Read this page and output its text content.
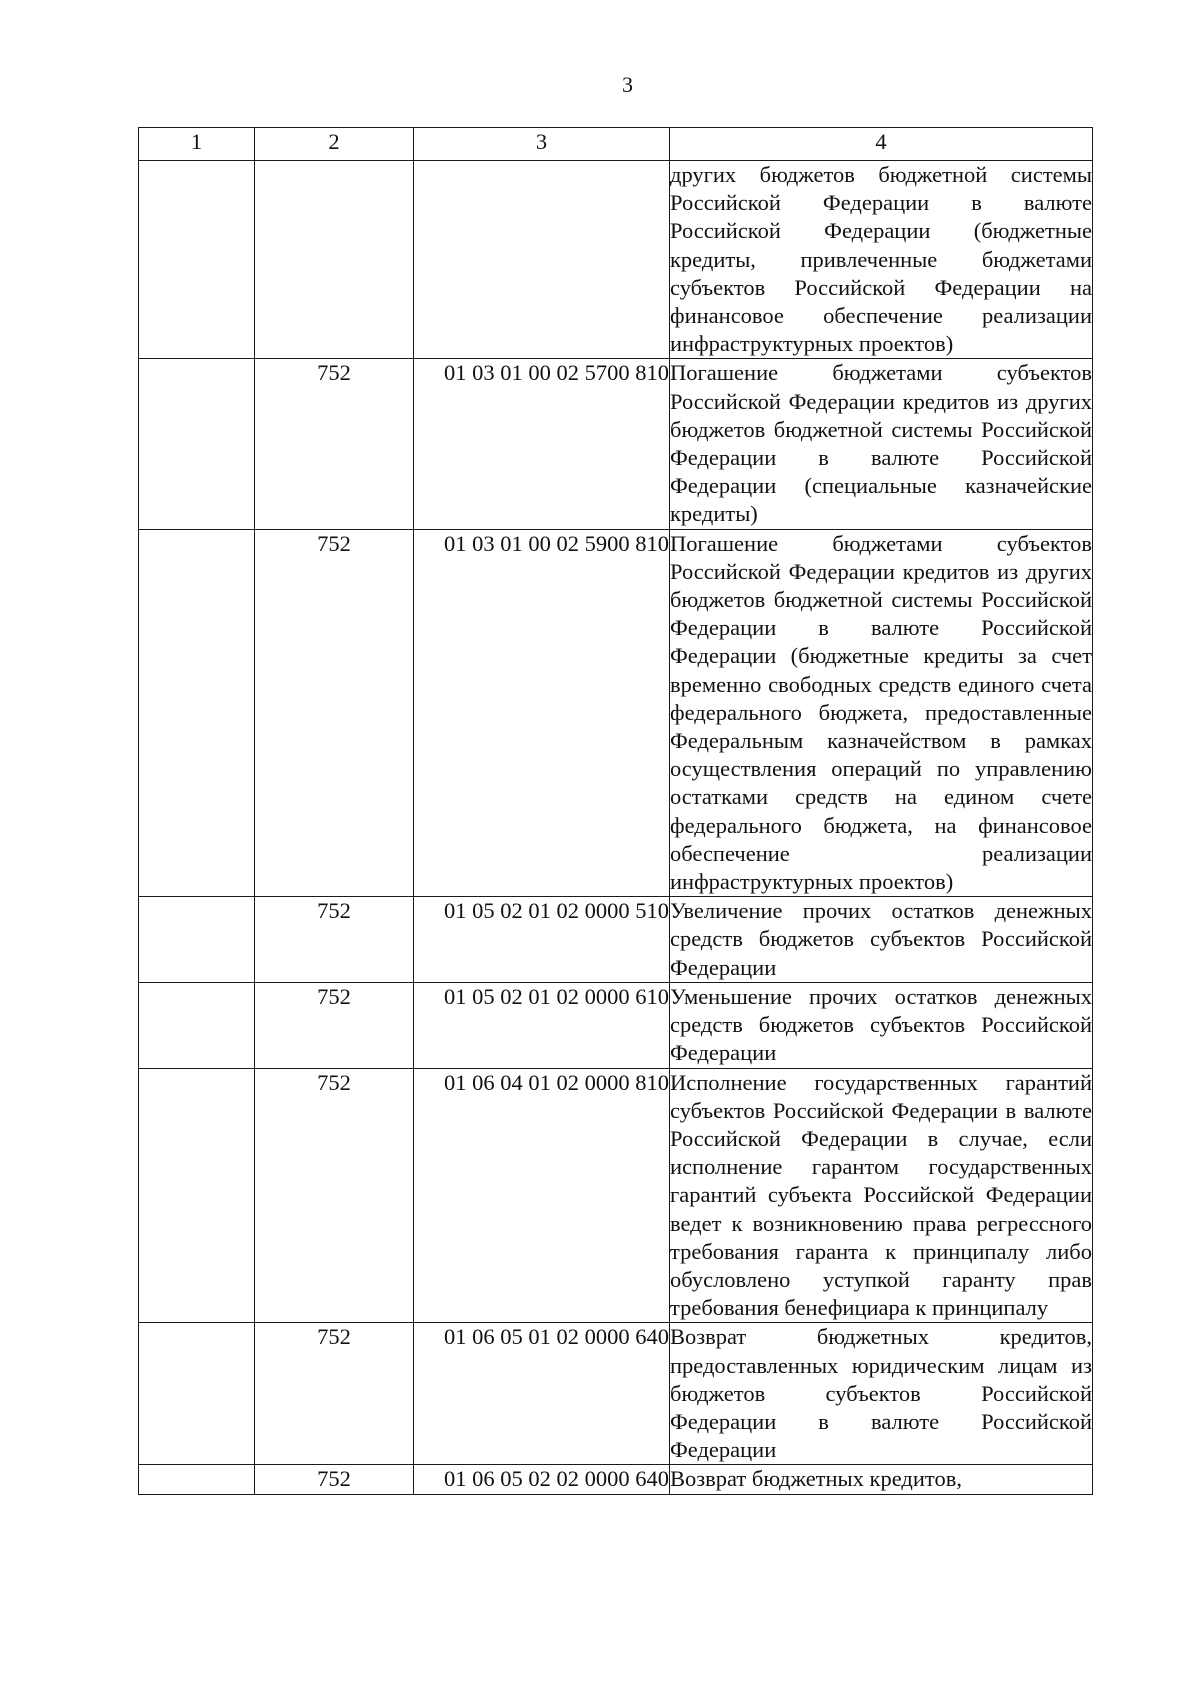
3
1	2	3	4
			других бюджетов бюджетной системы Российской Федерации в валюте Российской Федерации (бюджетные кредиты, привлеченные бюджетами субъектов Российской Федерации на финансовое обеспечение реализации инфраструктурных проектов)
	752	01 03 01 00 02 5700 810	Погашение бюджетами субъектов Российской Федерации кредитов из других бюджетов бюджетной системы Российской Федерации в валюте Российской Федерации (специальные казначейские кредиты)
	752	01 03 01 00 02 5900 810	Погашение бюджетами субъектов Российской Федерации кредитов из других бюджетов бюджетной системы Российской Федерации в валюте Российской Федерации (бюджетные кредиты за счет временно свободных средств единого счета федерального бюджета, предоставленные Федеральным казначейством в рамках осуществления операций по управлению остатками средств на едином счете федерального бюджета, на финансовое обеспечение реализации инфраструктурных проектов)
	752	01 05 02 01 02 0000 510	Увеличение прочих остатков денежных средств бюджетов субъектов Российской Федерации
	752	01 05 02 01 02 0000 610	Уменьшение прочих остатков денежных средств бюджетов субъектов Российской Федерации
	752	01 06 04 01 02 0000 810	Исполнение государственных гарантий субъектов Российской Федерации в валюте Российской Федерации в случае, если исполнение гарантом государственных гарантий субъекта Российской Федерации ведет к возникновению права регрессного требования гаранта к принципалу либо обусловлено уступкой гаранту прав требования бенефициара к принципалу
	752	01 06 05 01 02 0000 640	Возврат бюджетных кредитов, предоставленных юридическим лицам из бюджетов субъектов Российской Федерации в валюте Российской Федерации
	752	01 06 05 02 02 0000 640	Возврат бюджетных кредитов,
